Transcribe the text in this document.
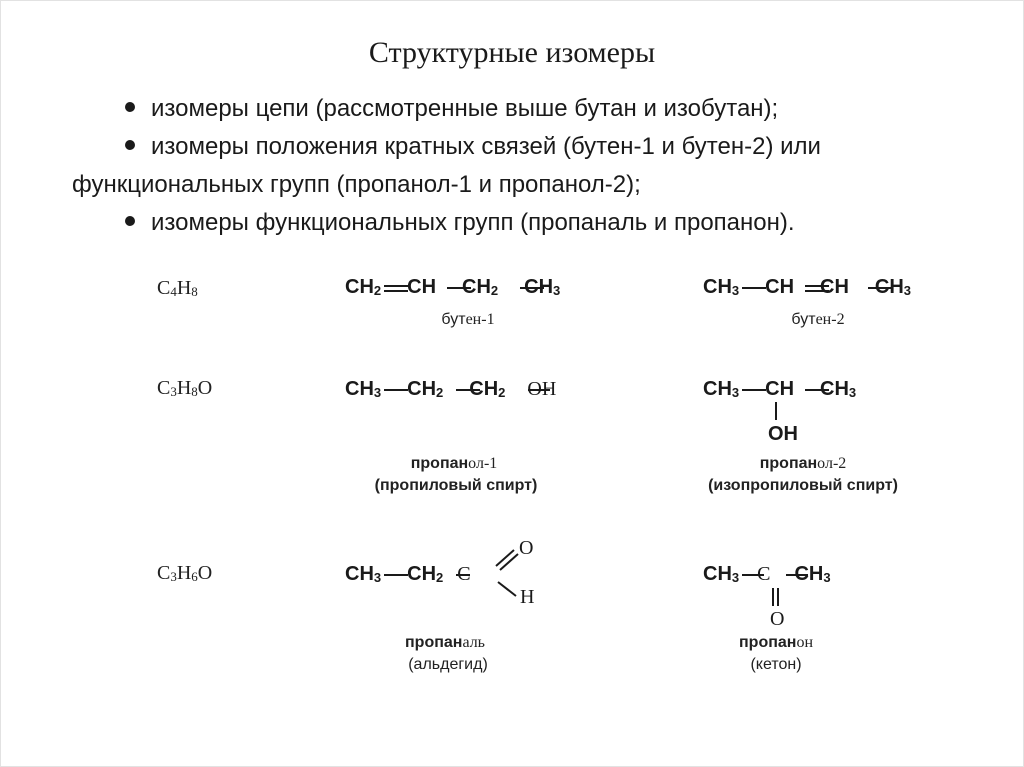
Структурные изомеры
изомеры цепи (рассмотренные выше бутан и изобутан);
изомеры положения кратных связей (бутен-1 и бутен-2) или
функциональных групп (пропанол-1 и пропанол-2);
изомеры функциональных групп (пропаналь и пропанон).
$C_4H_8$
$C_3H_8O$
$C_3H_6O$
$CH_2$ CH $CH_2$ $CH_3$
бутен-1
$CH_3$ CH CH $CH_3$
бутен-2
$CH_3$ $CH_2$ $CH_2$ OH
пропанол-1
(пропиловый спирт)
$CH_3$ CH $CH_3$
OH
пропанол-2
(изопропиловый спирт)
$CH_3$ $CH_2$ C
O
H
пропаналь
(альдегид)
$CH_3$ C $CH_3$
O
пропанон
(кетон)
